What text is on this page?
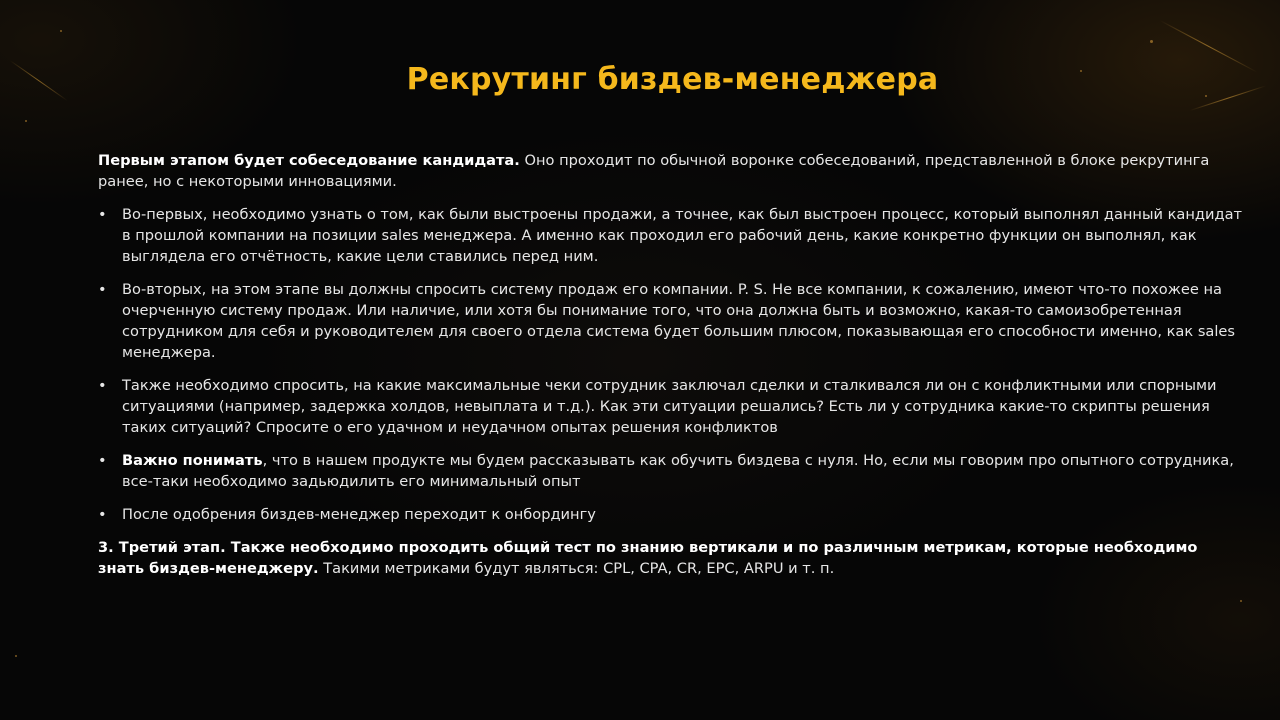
Рекрутинг биздев-менеджера

Первым этапом будет собеседование кандидата. Оно проходит по обычной воронке собеседований, представленной в блоке рекрутинга ранее, но с некоторыми инновациями.

• Во-первых, необходимо узнать о том, как были выстроены продажи, а точнее, как был выстроен процесс, который выполнял данный кандидат в прошлой компании на позиции sales менеджера. А именно как проходил его рабочий день, какие конкретно функции он выполнял, как выглядела его отчётность, какие цели ставились перед ним.
• Во-вторых, на этом этапе вы должны спросить систему продаж его компании. P. S. Не все компании, к сожалению, имеют что-то похожее на очерченную систему продаж. Или наличие, или хотя бы понимание того, что она должна быть и возможно, какая-то самоизобретенная сотрудником для себя и руководителем для своего отдела система будет большим плюсом, показывающая его способности именно, как sales менеджера.
• Также необходимо спросить, на какие максимальные чеки сотрудник заключал сделки и сталкивался ли он с конфликтными или спорными ситуациями (например, задержка холдов, невыплата и т.д.). Как эти ситуации решались? Есть ли у сотрудника какие-то скрипты решения таких ситуаций? Спросите о его удачном и неудачном опытах решения конфликтов
• Важно понимать, что в нашем продукте мы будем рассказывать как обучить биздева с нуля. Но, если мы говорим про опытного сотрудника, все-таки необходимо задьюдилить его минимальный опыт
• После одобрения биздев-менеджер переходит к онбордингу

3. Третий этап. Также необходимо проходить общий тест по знанию вертикали и по различным метрикам, которые необходимо знать биздев-менеджеру. Такими метриками будут являться: CPL, CPA, CR, EPC, ARPU и т. п.
